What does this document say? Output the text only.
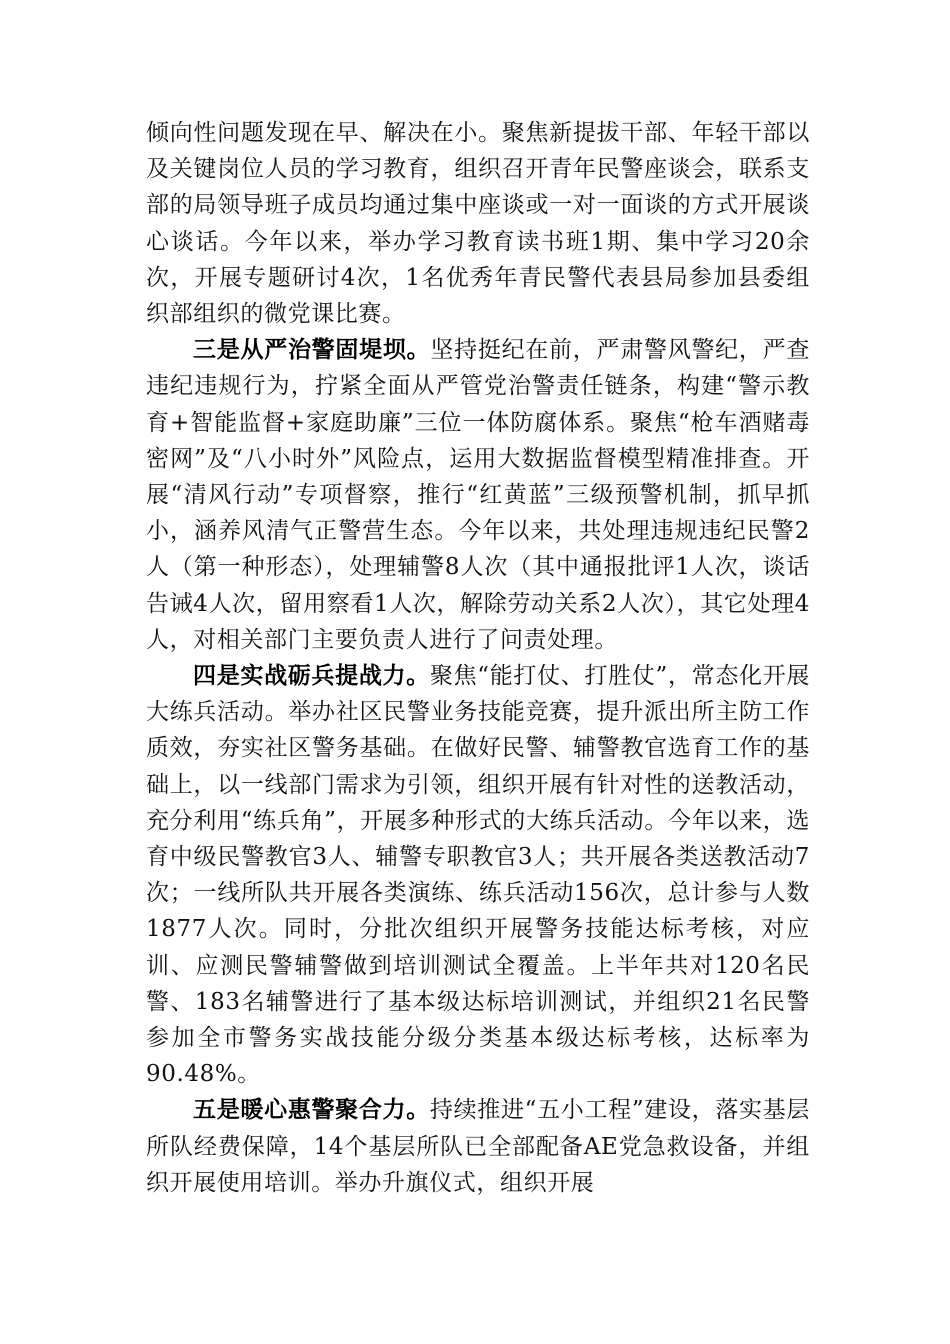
倾向性问题发现在早、解决在小。聚焦新提拔干部、年轻干部以及关键岗位人员的学习教育，组织召开青年民警座谈会，联系支部的局领导班子成员均通过集中座谈或一对一面谈的方式开展谈心谈话。今年以来，举办学习教育读书班1期、集中学习20余次，开展专题研讨4次，1名优秀年青民警代表县局参加县委组织部组织的微党课比赛。

三是从严治警固堤坝。坚持挺纪在前，严肃警风警纪，严查违纪违规行为，拧紧全面从严管党治警责任链条，构建“警示教育+智能监督+家庭助廉”三位一体防腐体系。聚焦“枪车酒赌毒密网”及“八小时外”风险点，运用大数据监督模型精准排查。开展“清风行动”专项督察，推行“红黄蓝”三级预警机制，抓早抓小，涵养风清气正警营生态。今年以来，共处理违规违纪民警2人（第一种形态），处理辅警8人次（其中通报批评1人次，谈话告诫4人次，留用察看1人次，解除劳动关系2人次），其它处理4人，对相关部门主要负责人进行了问责处理。

四是实战砺兵提战力。聚焦“能打仗、打胜仗”，常态化开展大练兵活动。举办社区民警业务技能竞赛，提升派出所主防工作质效，夯实社区警务基础。在做好民警、辅警教官选育工作的基础上，以一线部门需求为引领，组织开展有针对性的送教活动，充分利用“练兵角”，开展多种形式的大练兵活动。今年以来，选育中级民警教官3人、辅警专职教官3人；共开展各类送教活动7次；一线所队共开展各类演练、练兵活动156次，总计参与人数1877人次。同时，分批次组织开展警务技能达标考核，对应训、应测民警辅警做到培训测试全覆盖。上半年共对120名民警、183名辅警进行了基本级达标培训测试，并组织21名民警参加全市警务实战技能分级分类基本级达标考核，达标率为90.48%。

五是暖心惠警聚合力。持续推进“五小工程”建设，落实基层所队经费保障，14个基层所队已全部配备AE党急救设备，并组织开展使用培训。举办升旗仪式，组织开展
